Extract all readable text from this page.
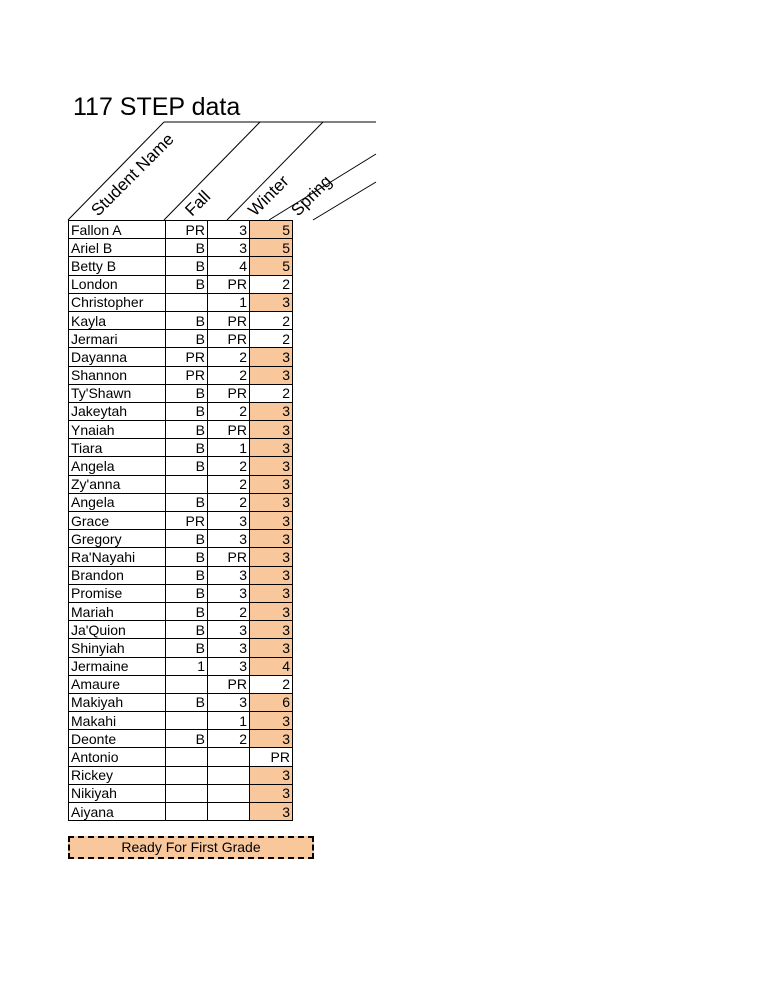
117 STEP data
Student Name Fall Winter
Spring
Fallon A	PR	3	5
Ariel B	B	3	5
Betty B	B	4	5
London	B	PR	2
Christopher		1	3
Kayla	B	PR	2
Jermari	B	PR	2
Dayanna	PR	2	3
Shannon	PR	2	3
Ty'Shawn	B	PR	2
Jakeytah	B	2	3
Ynaiah	B	PR	3
Tiara	B	1	3
Angela	B	2	3
Zy'anna		2	3
Angela	B	2	3
Grace	PR	3	3
Gregory	B	3	3
Ra'Nayahi	B	PR	3
Brandon	B	3	3
Promise	B	3	3
Mariah	B	2	3
Ja'Quion	B	3	3
Shinyiah	B	3	3
Jermaine	1	3	4
Amaure		PR	2
Makiyah	B	3	6
Makahi		1	3
Deonte	B	2	3
Antonio			PR
Rickey			3
Nikiyah			3
Aiyana			3
Ready For First Grade
